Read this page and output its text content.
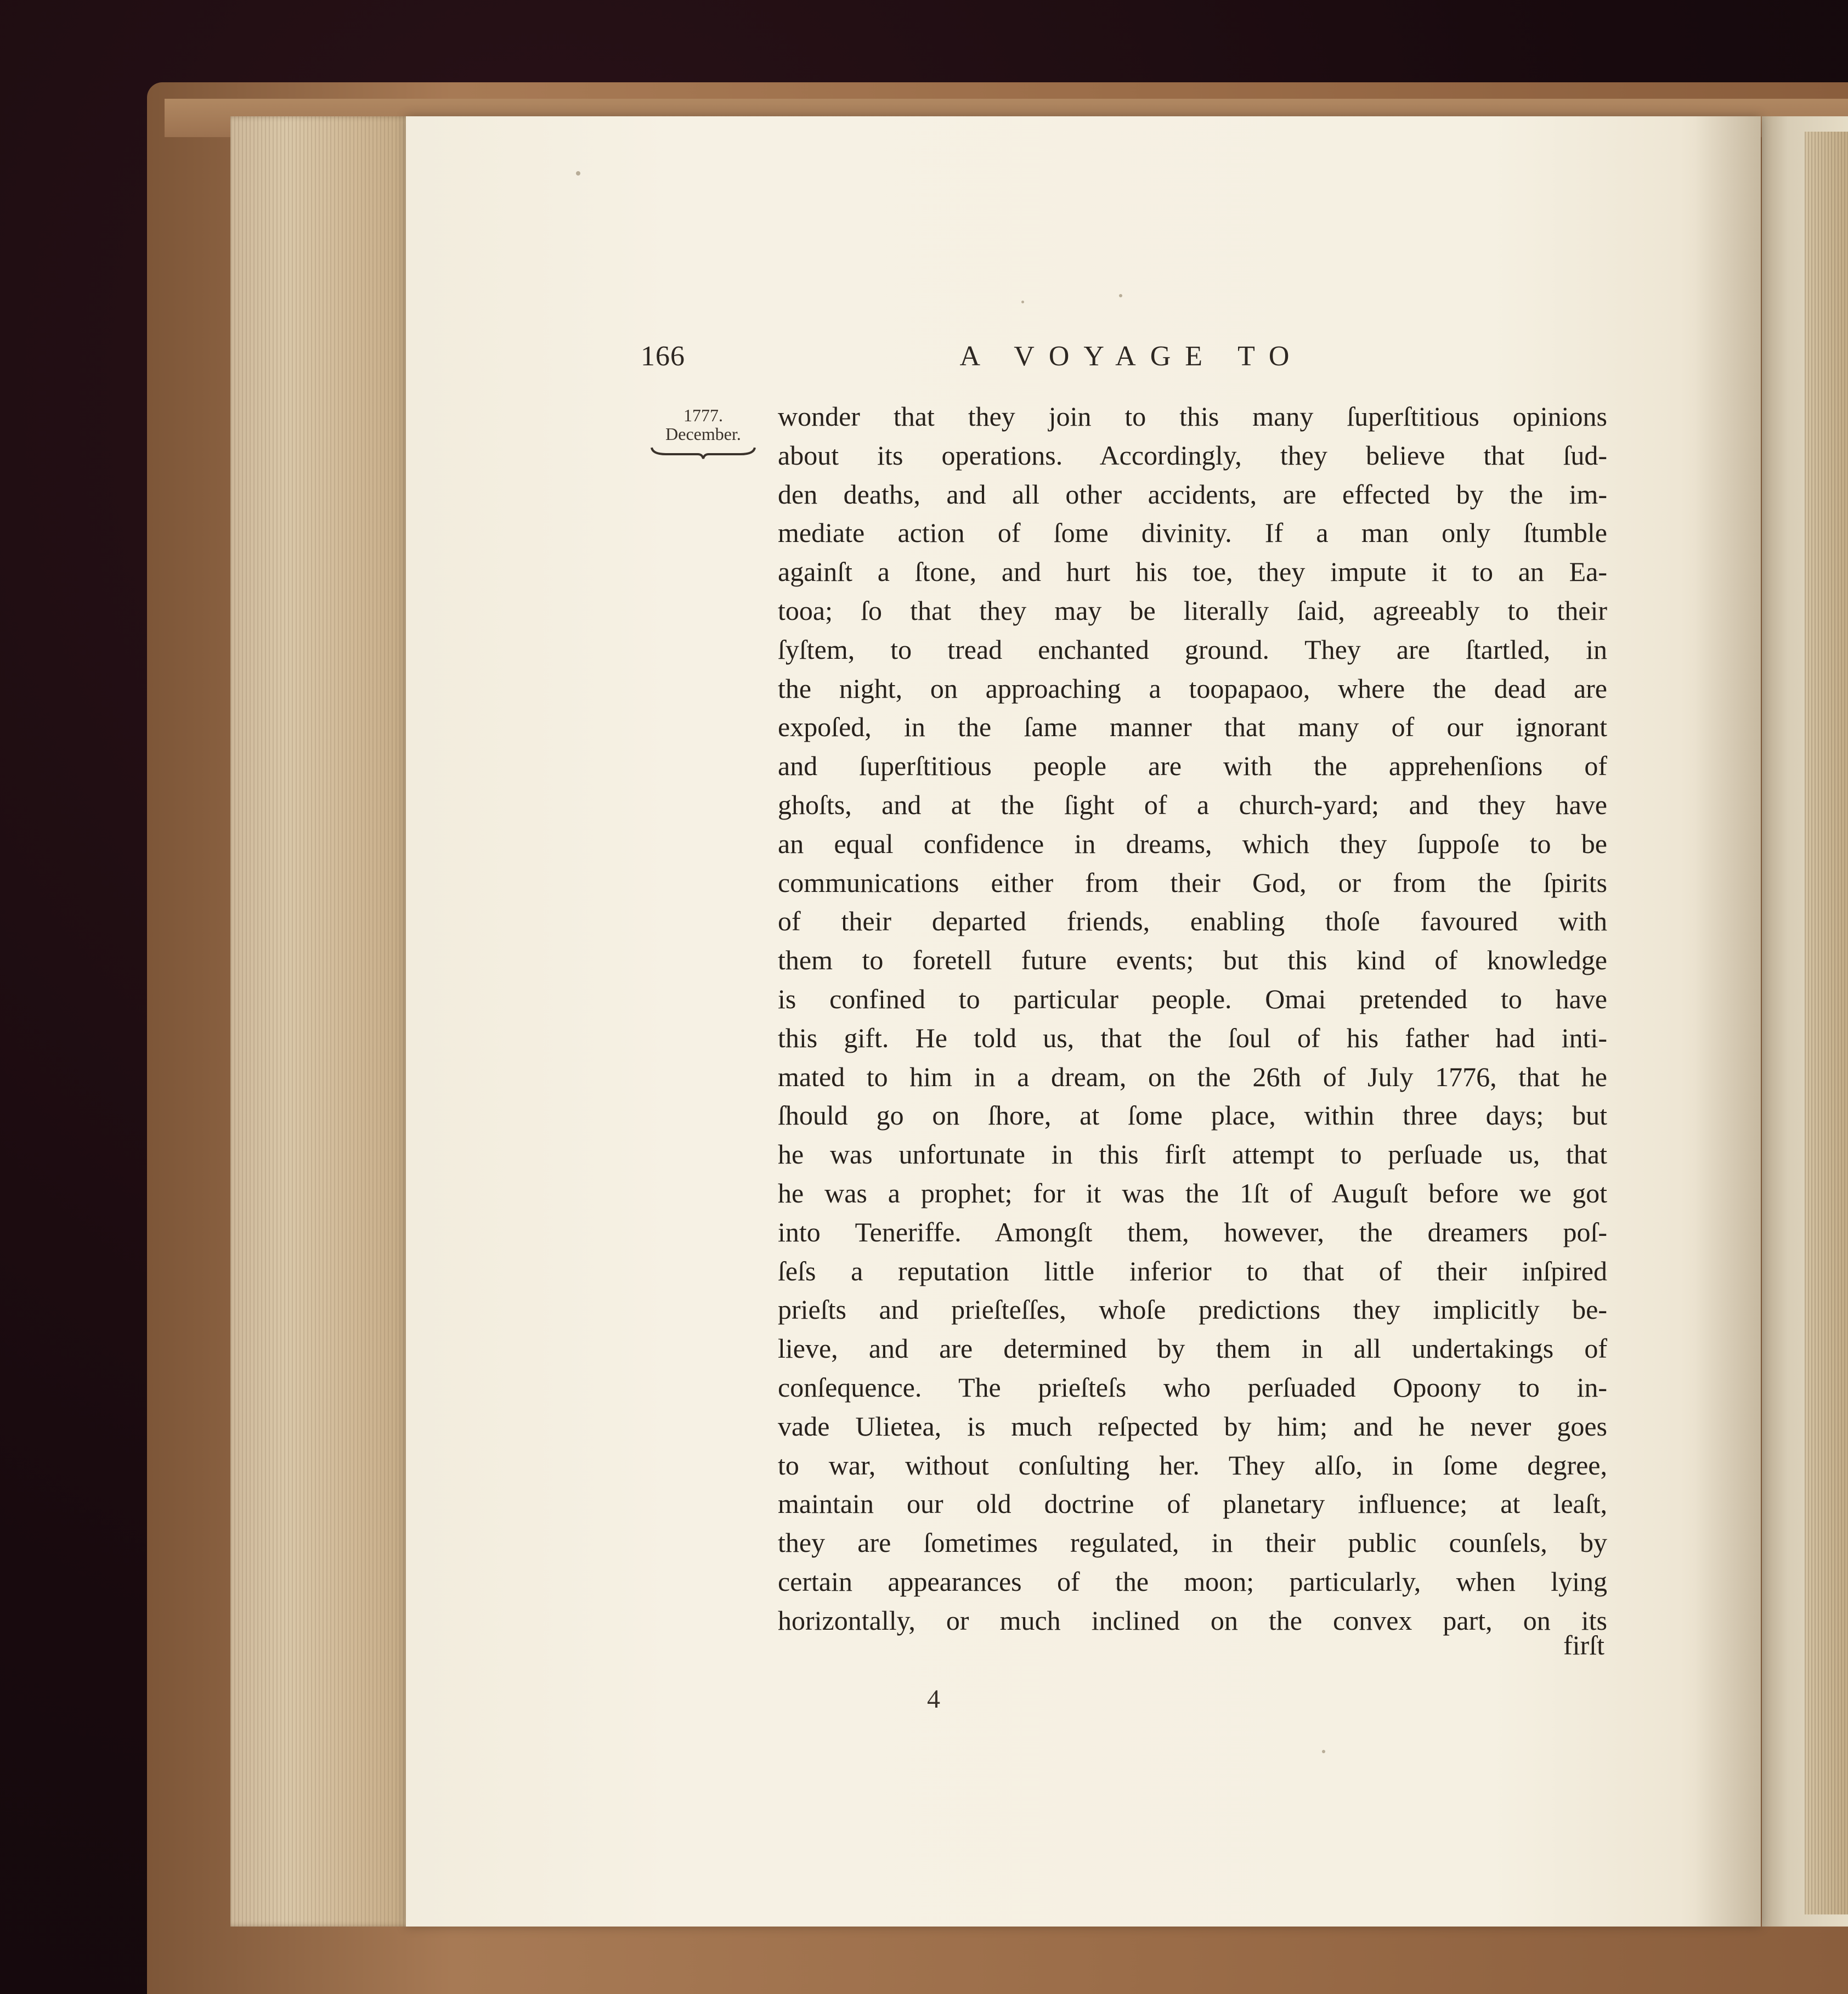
166	A VOYAGE TO
1777.
December.
wonder that they join to this many ſuperſtitious opinions
about its operations. Accordingly, they believe that ſud-
den deaths, and all other accidents, are effected by the im-
mediate action of ſome divinity. If a man only ſtumble
againſt a ſtone, and hurt his toe, they impute it to an Ea-
tooa; ſo that they may be literally ſaid, agreeably to their
ſyſtem, to tread enchanted ground. They are ſtartled, in
the night, on approaching a toopapaoo, where the dead are
expoſed, in the ſame manner that many of our ignorant
and ſuperſtitious people are with the apprehenſions of
ghoſts, and at the ſight of a church-yard; and they have
an equal confidence in dreams, which they ſuppoſe to be
communications either from their God, or from the ſpirits
of their departed friends, enabling thoſe favoured with
them to foretell future events; but this kind of knowledge
is confined to particular people. Omai pretended to have
this gift. He told us, that the ſoul of his father had inti-
mated to him in a dream, on the 26th of July 1776, that he
ſhould go on ſhore, at ſome place, within three days; but
he was unfortunate in this firſt attempt to perſuade us, that
he was a prophet; for it was the 1ſt of Auguſt before we got
into Teneriffe. Amongſt them, however, the dreamers poſ-
ſeſs a reputation little inferior to that of their inſpired
prieſts and prieſteſſes, whoſe predictions they implicitly be-
lieve, and are determined by them in all undertakings of
conſequence. The prieſteſs who perſuaded Opoony to in-
vade Ulietea, is much reſpected by him; and he never goes
to war, without conſulting her. They alſo, in ſome degree,
maintain our old doctrine of planetary influence; at leaſt,
they are ſometimes regulated, in their public counſels, by
certain appearances of the moon; particularly, when lying
horizontally, or much inclined on the convex part, on its
firſt
4
